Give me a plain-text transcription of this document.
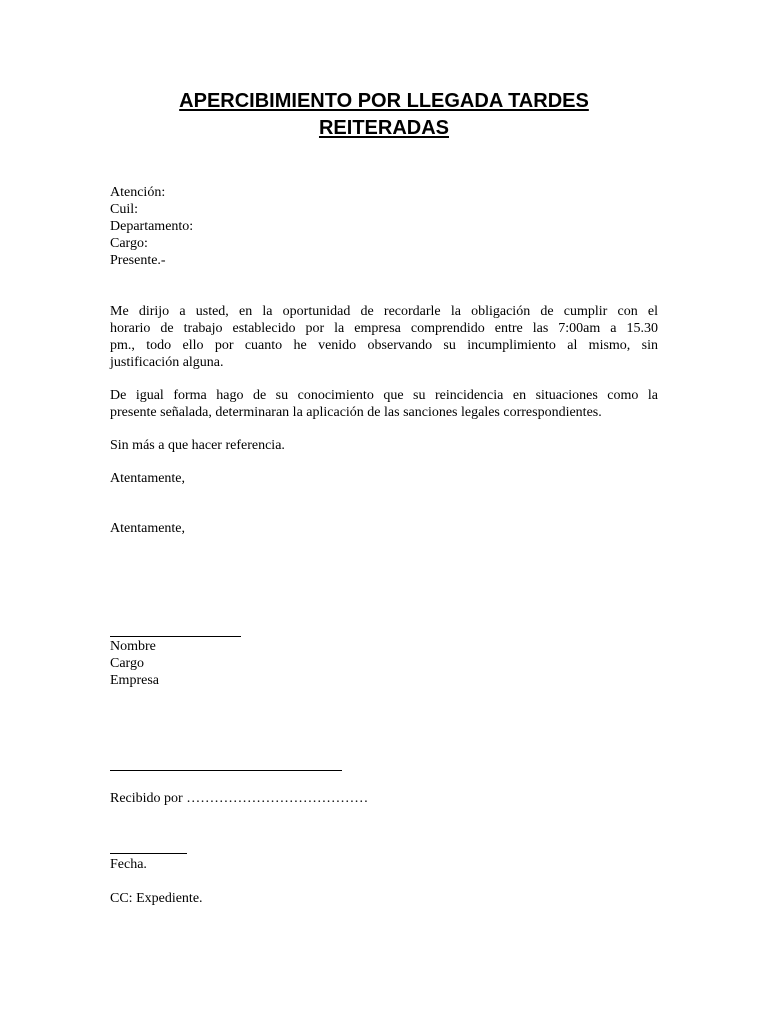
APERCIBIMIENTO POR LLEGADA TARDES
REITERADAS

Atención:

Cuil:

Departamento:

Cargo:

Presente.-

Me dirijo a usted, en la oportunidad de recordarle la obligación de cumplir con el
horario de trabajo establecido por la empresa comprendido entre las 7:00am a 15.30
pm., todo ello por cuanto he venido observando su incumplimiento al mismo, sin
justificación alguna.
De igual forma hago de su conocimiento que su reincidencia en situaciones como la
presente señalada, determinaran la aplicación de las sanciones legales correspondientes.

Sin más a que hacer referencia.

Atentamente,

Atentamente,

Nombre

Cargo

Empresa

Recibido por …………………………………

Fecha.

CC: Expediente.
